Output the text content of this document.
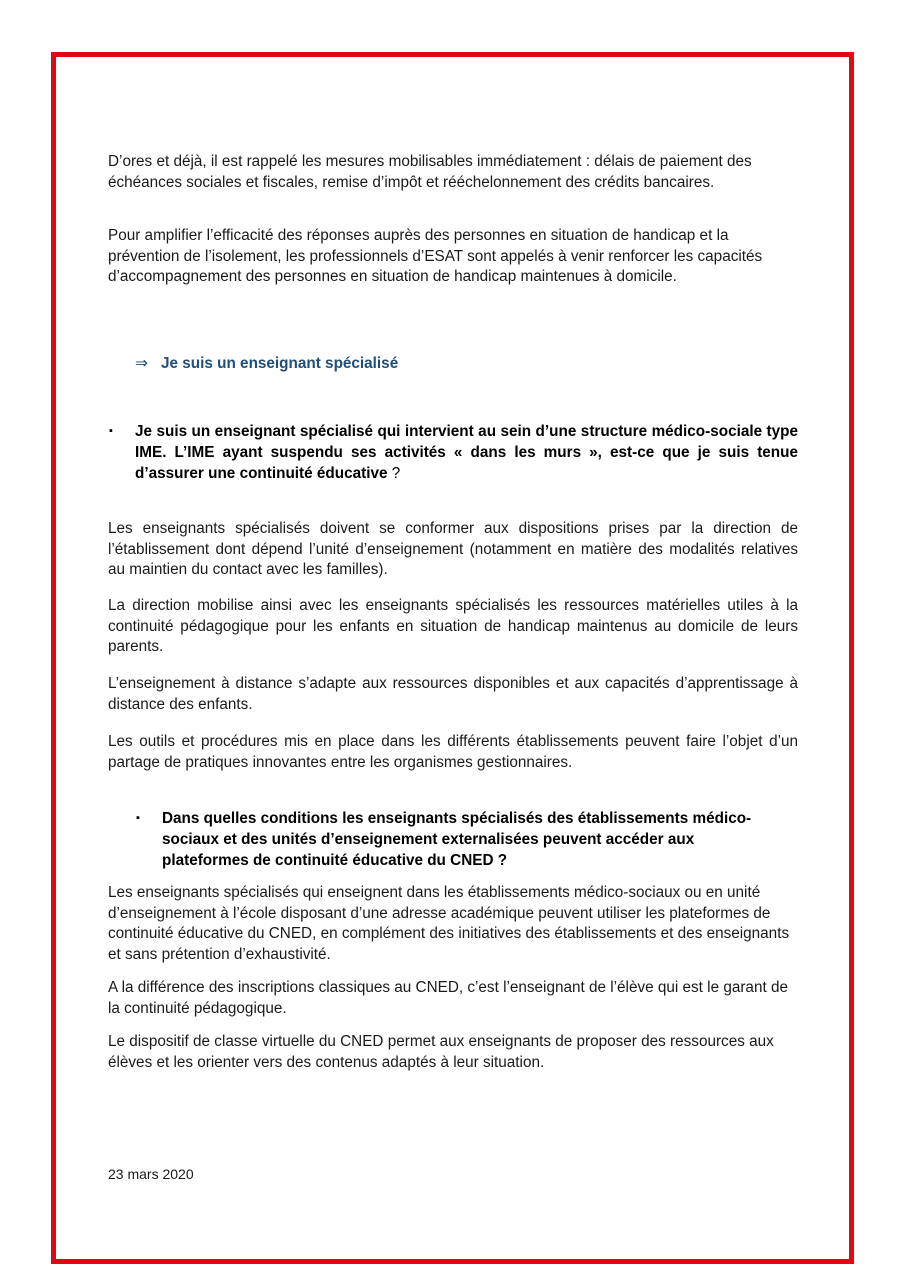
D’ores et déjà, il est rappelé les mesures mobilisables immédiatement : délais de paiement des échéances sociales et fiscales, remise d’impôt et rééchelonnement des crédits bancaires.

Pour amplifier l’efficacité des réponses auprès des personnes en situation de handicap et la prévention de l’isolement, les professionnels d’ESAT sont appelés à venir renforcer les capacités d’accompagnement des personnes en situation de handicap maintenues à domicile.

⇒ Je suis un enseignant spécialisé

▪ Je suis un enseignant spécialisé qui intervient au sein d’une structure médico-sociale type IME. L’IME ayant suspendu ses activités « dans les murs », est-ce que je suis tenue d’assurer une continuité éducative ?

Les enseignants spécialisés doivent se conformer aux dispositions prises par la direction de l’établissement dont dépend l’unité d’enseignement (notamment en matière des modalités relatives au maintien du contact avec les familles).

La direction mobilise ainsi avec les enseignants spécialisés les ressources matérielles utiles à la continuité pédagogique pour les enfants en situation de handicap maintenus au domicile de leurs parents.

L’enseignement à distance s’adapte aux ressources disponibles et aux capacités d’apprentissage à distance des enfants.

Les outils et procédures mis en place dans les différents établissements peuvent faire l’objet d’un partage de pratiques innovantes entre les organismes gestionnaires.

▪ Dans quelles conditions les enseignants spécialisés des établissements médico-sociaux et des unités d’enseignement externalisées peuvent accéder aux plateformes de continuité éducative du CNED ?

Les enseignants spécialisés qui enseignent dans les établissements médico-sociaux ou en unité d’enseignement à l’école disposant d’une adresse académique peuvent utiliser les plateformes de continuité éducative du CNED, en complément des initiatives des établissements et des enseignants et sans prétention d’exhaustivité.

A la différence des inscriptions classiques au CNED, c’est l’enseignant de l’élève qui est le garant de la continuité pédagogique.

Le dispositif de classe virtuelle du CNED permet aux enseignants de proposer des ressources aux élèves et les orienter vers des contenus adaptés à leur situation.

23 mars 2020
